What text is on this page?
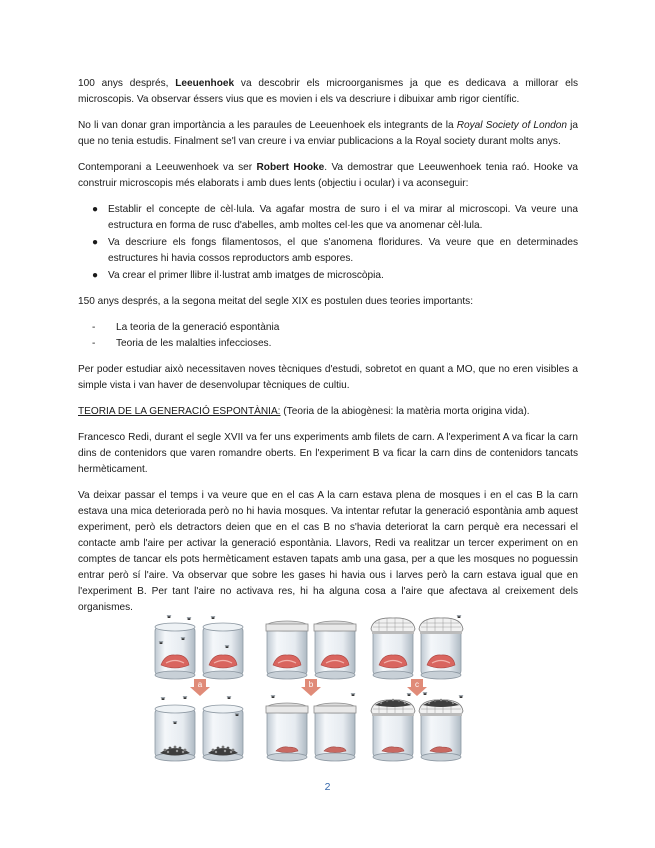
100 anys després, Leeuenhoek va descobrir els microorganismes ja que es dedicava a millorar els microscopis. Va observar éssers vius que es movien i els va descriure i dibuixar amb rigor científic.

No li van donar gran importància a les paraules de Leeuenhoek els integrants de la Royal Society of London ja que no tenia estudis. Finalment se'l van creure i va enviar publicacions a la Royal society durant molts anys.

Contemporani a Leeuwenhoek va ser Robert Hooke. Va demostrar que Leeuwenhoek tenia raó. Hooke va construir microscopis més elaborats i amb dues lents (objectiu i ocular) i va aconseguir:

● Establir el concepte de cèl·lula. Va agafar mostra de suro i el va mirar al microscopi. Va veure una estructura en forma de rusc d'abelles, amb moltes cel·les que va anomenar cèl·lula.
● Va descriure els fongs filamentosos, el que s'anomena floridures. Va veure que en determinades estructures hi havia cossos reproductors amb espores.
● Va crear el primer llibre il·lustrat amb imatges de microscòpia.

150 anys després, a la segona meitat del segle XIX es postulen dues teories importants:

- La teoria de la generació espontània
- Teoria de les malalties infeccioses.

Per poder estudiar això necessitaven noves tècniques d'estudi, sobretot en quant a MO, que no eren visibles a simple vista i van haver de desenvolupar tècniques de cultiu.

TEORIA DE LA GENERACIÓ ESPONTÀNIA: (Teoria de la abiogènesi: la matèria morta origina vida).

Francesco Redi, durant el segle XVII va fer uns experiments amb filets de carn. A l'experiment A va ficar la carn dins de contenidors que varen romandre oberts. En l'experiment B va ficar la carn dins de contenidors tancats hermèticament.

Va deixar passar el temps i va veure que en el cas A la carn estava plena de mosques i en el cas B la carn estava una mica deteriorada però no hi havia mosques. Va intentar refutar la generació espontània amb aquest experiment, però els detractors deien que en el cas B no s'havia deteriorat la carn perquè era necessari el contacte amb l'aire per activar la generació espontània. Llavors, Redi va realitzar un tercer experiment on en comptes de tancar els pots hermèticament estaven tapats amb una gasa, per a que les mosques no poguessin entrar però sí l'aire. Va observar que sobre les gases hi havia ous i larves però la carn estava igual que en l'experiment B. Per tant l'aire no activava res, hi ha alguna cosa a l'aire que afectava al creixement dels organismes.

a	b	c
2
